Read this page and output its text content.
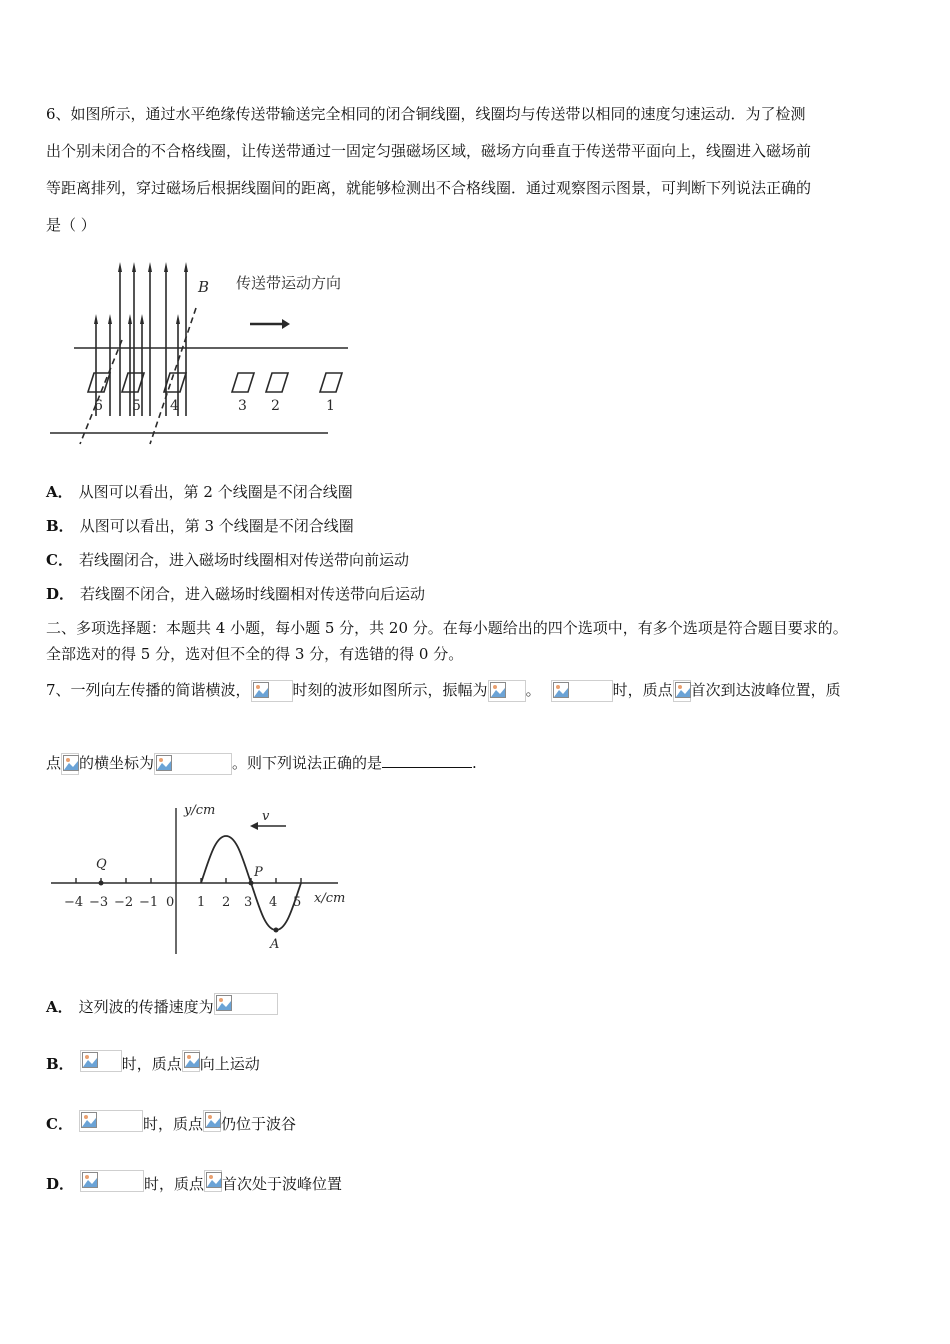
6、如图所示，通过水平绝缘传送带输送完全相同的闭合铜线圈，线圈均与传送带以相同的速度匀速运动．为了检测
出个别未闭合的不合格线圈，让传送带通过一固定匀强磁场区域，磁场方向垂直于传送带平面向上，线圈进入磁场前
等距离排列，穿过磁场后根据线圈间的距离，就能够检测出不合格线圈．通过观察图示图景，可判断下列说法正确的
是（ ）
B 传送带运动方向
6 5 4	3 2	1
A． 从图可以看出，第 2 个线圈是不闭合线圈
B． 从图可以看出，第 3 个线圈是不闭合线圈
C． 若线圈闭合，进入磁场时线圈相对传送带向前运动
D． 若线圈不闭合，进入磁场时线圈相对传送带向后运动
二、多项选择题：本题共 4 小题，每小题 5 分，共 20 分。在每小题给出的四个选项中，有多个选项是符合题目要求的。
全部选对的得 5 分，选对但不全的得 3 分，有选错的得 0 分。
7、一列向左传播的简谐横波，	时刻的波形如图所示，振幅为	。	时，质点 首次到达波峰位置，质
点 的横坐标为	。则下列说法正确的是	.
y/cm
x/cm
v
Q
P
A
0
−4 −3 −2 −1	1 2 3 4 5
A． 这列波的传播速度为
B．	时，质点 向上运动
C．	时，质点 仍位于波谷
D．	时，质点 首次处于波峰位置
